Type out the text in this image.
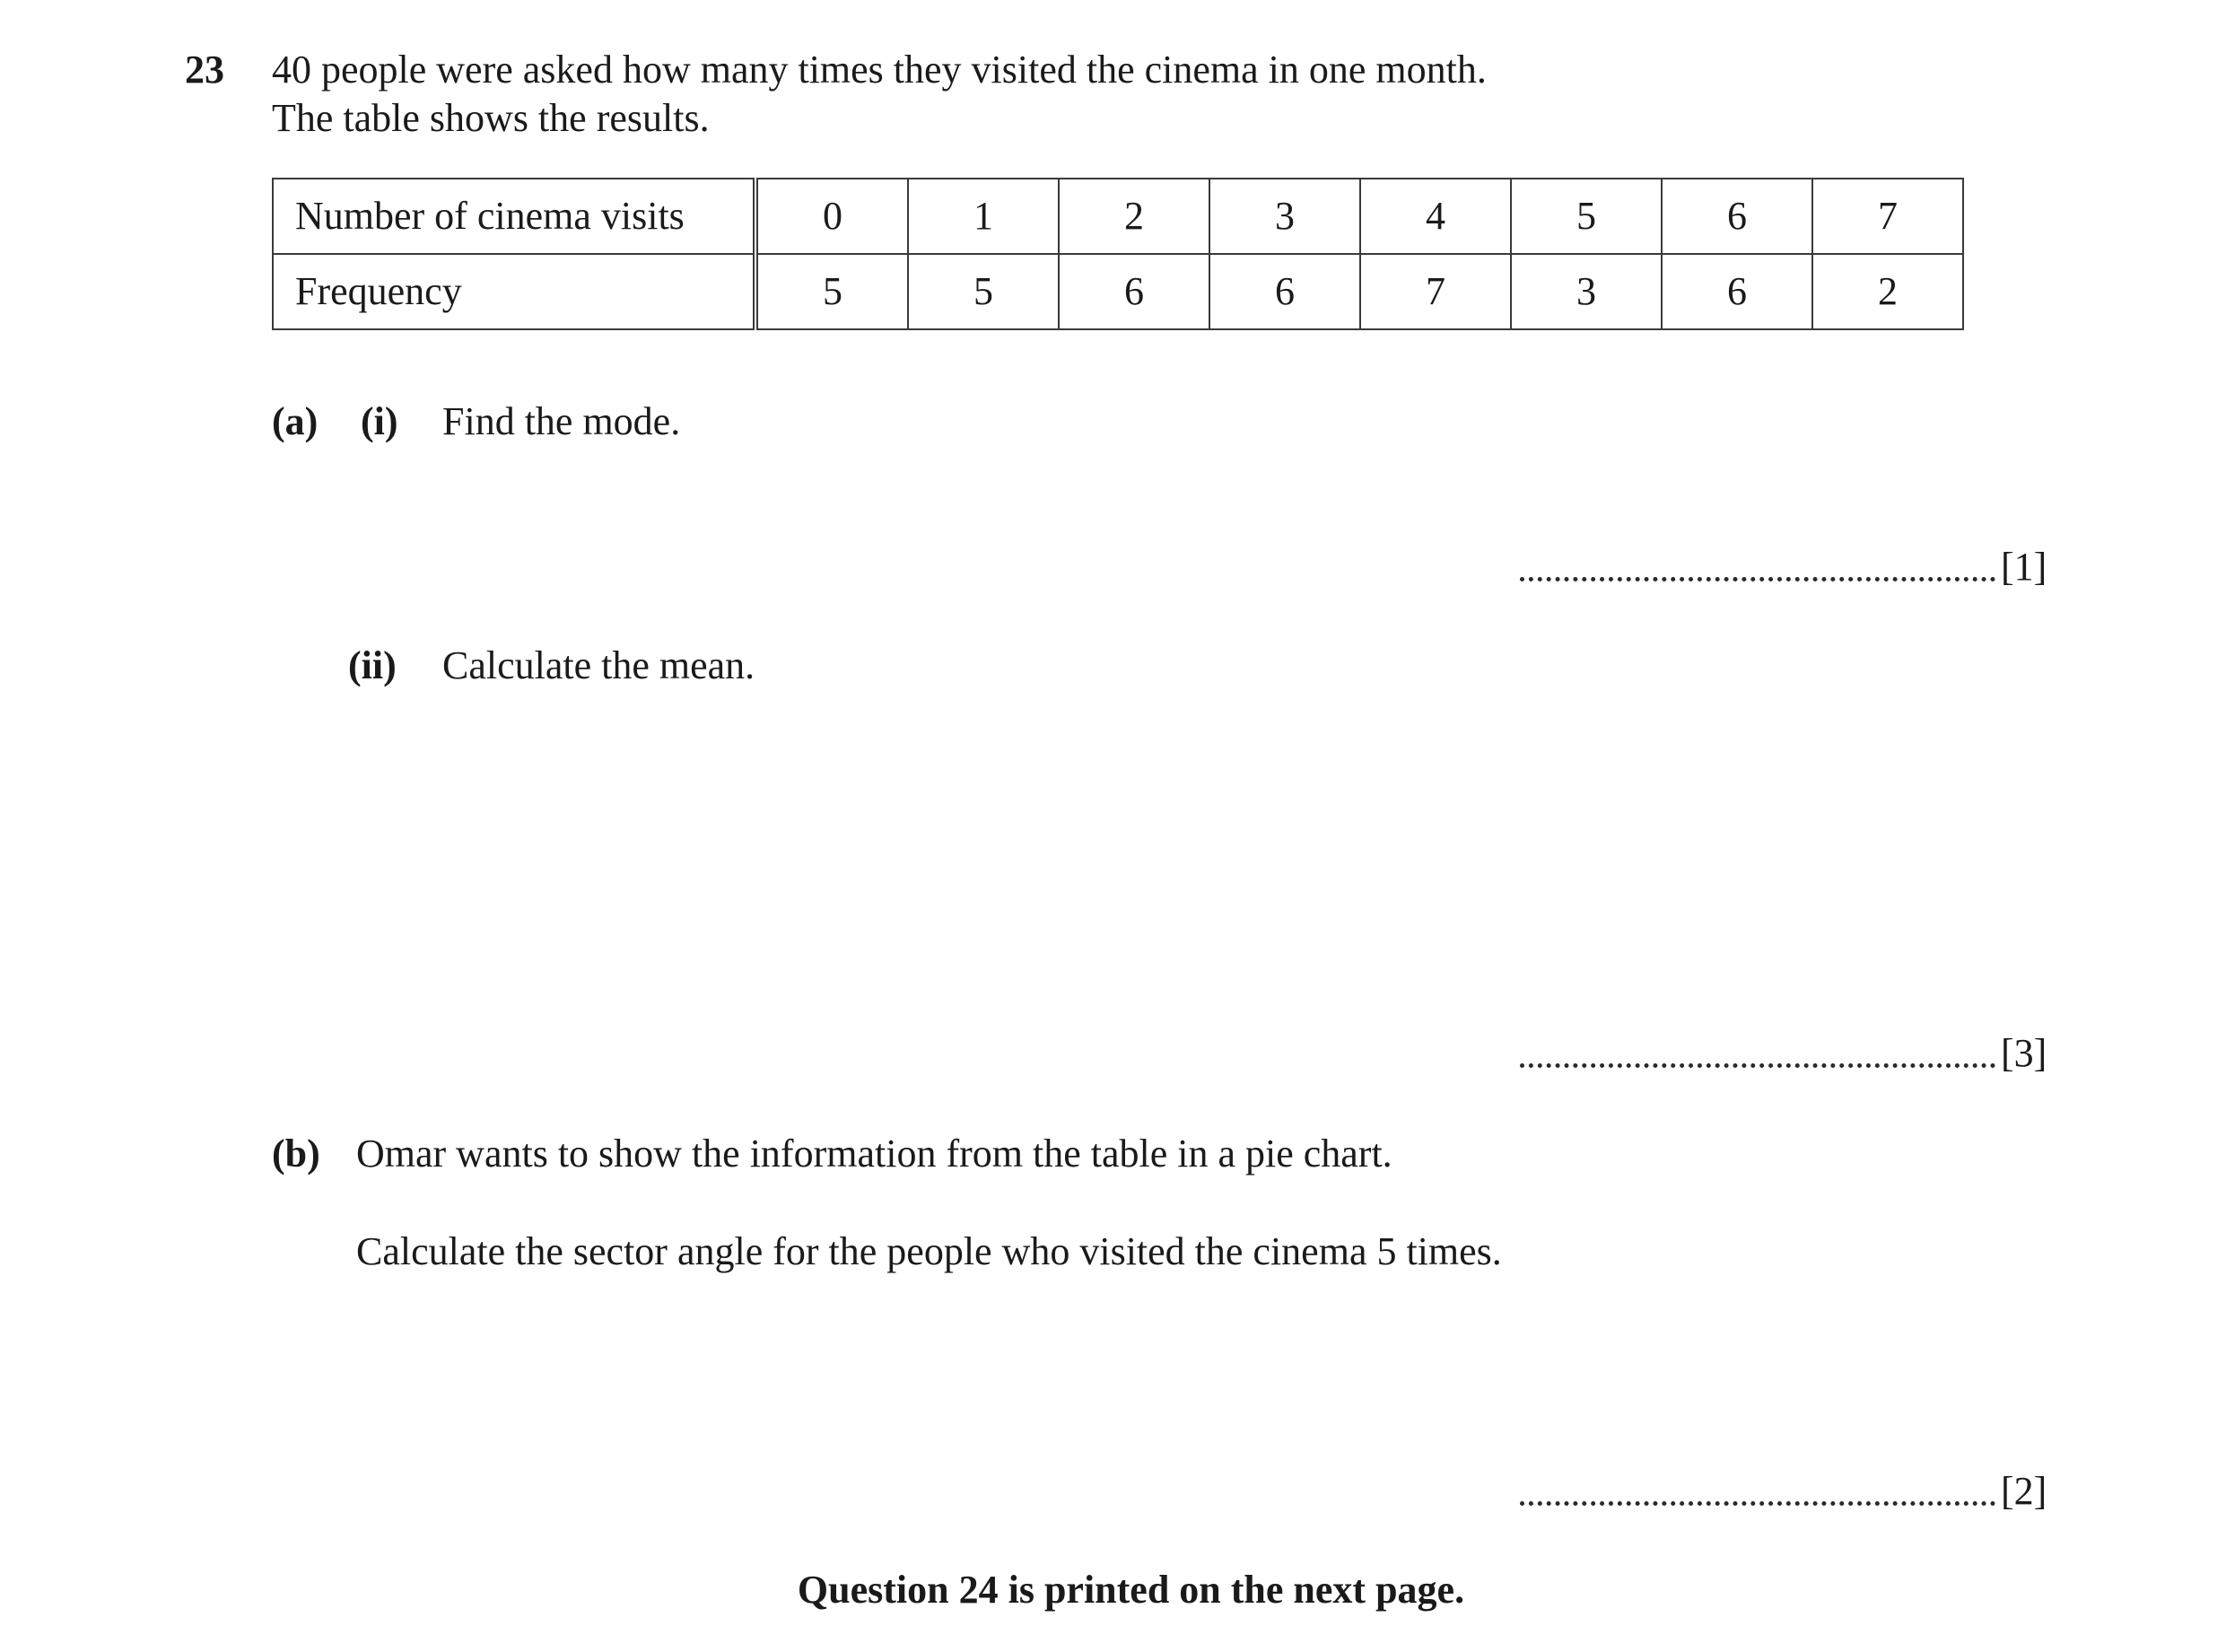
23 40 people were asked how many times they visited the cinema in one month.
The table shows the results.
Number of cinema visits	0	1	2	3	4	5	6	7
Frequency	5	5	6	6	7	3	6	2
(a) (i) Find the mode.
[1]
(ii) Calculate the mean.
[3]
(b) Omar wants to show the information from the table in a pie chart.
Calculate the sector angle for the people who visited the cinema 5 times.
[2]
Question 24 is printed on the next page.
